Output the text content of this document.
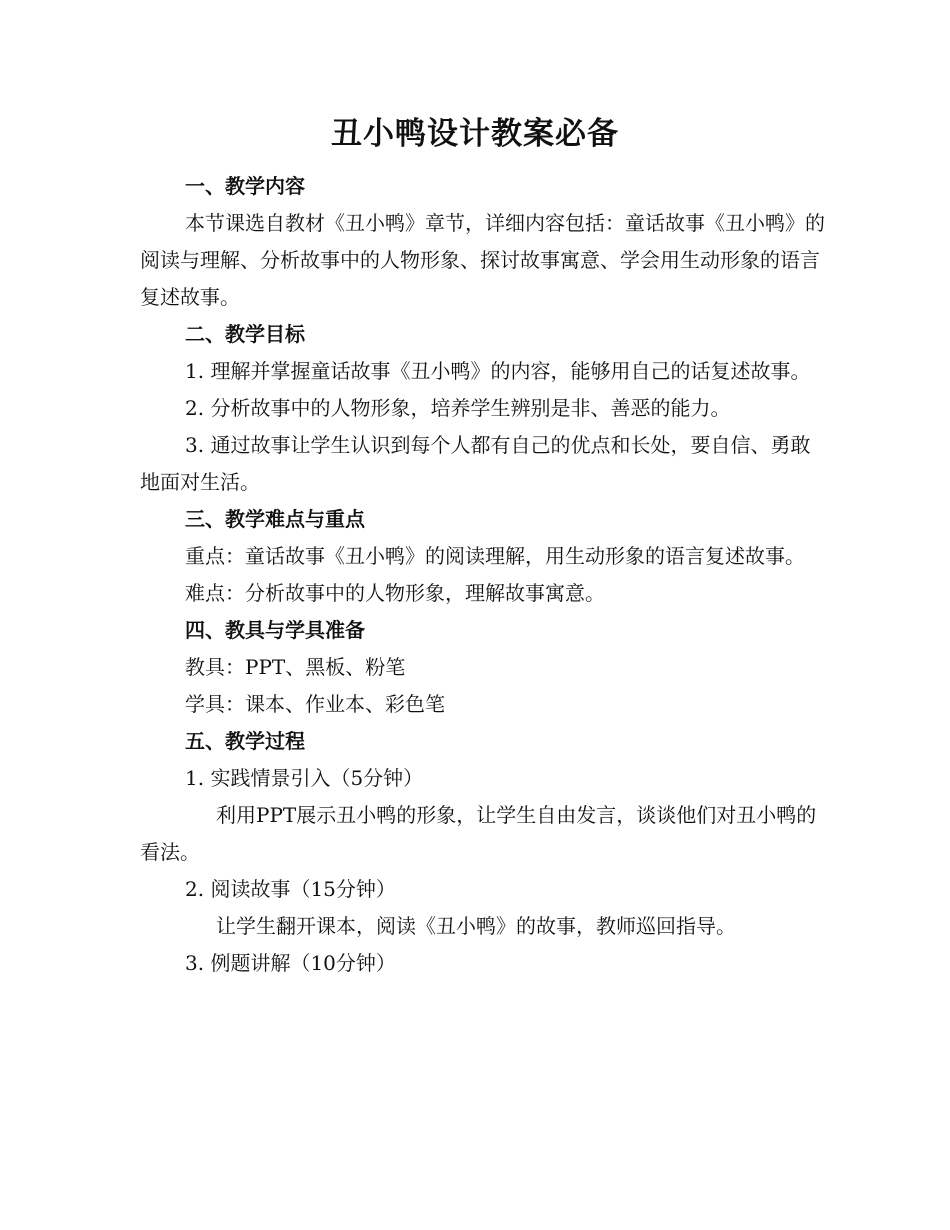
丑小鸭设计教案必备

一、教学内容

本节课选自教材《丑小鸭》章节，详细内容包括：童话故事《丑小鸭》的阅读与理解、分析故事中的人物形象、探讨故事寓意、学会用生动形象的语言复述故事。

二、教学目标

1. 理解并掌握童话故事《丑小鸭》的内容，能够用自己的话复述故事。

2. 分析故事中的人物形象，培养学生辨别是非、善恶的能力。

3. 通过故事让学生认识到每个人都有自己的优点和长处，要自信、勇敢地面对生活。

三、教学难点与重点

重点：童话故事《丑小鸭》的阅读理解，用生动形象的语言复述故事。

难点：分析故事中的人物形象，理解故事寓意。

四、教具与学具准备

教具：PPT、黑板、粉笔

学具：课本、作业本、彩色笔

五、教学过程

1. 实践情景引入（5分钟）

利用PPT展示丑小鸭的形象，让学生自由发言，谈谈他们对丑小鸭的看法。

2. 阅读故事（15分钟）

让学生翻开课本，阅读《丑小鸭》的故事，教师巡回指导。

3. 例题讲解（10分钟）
